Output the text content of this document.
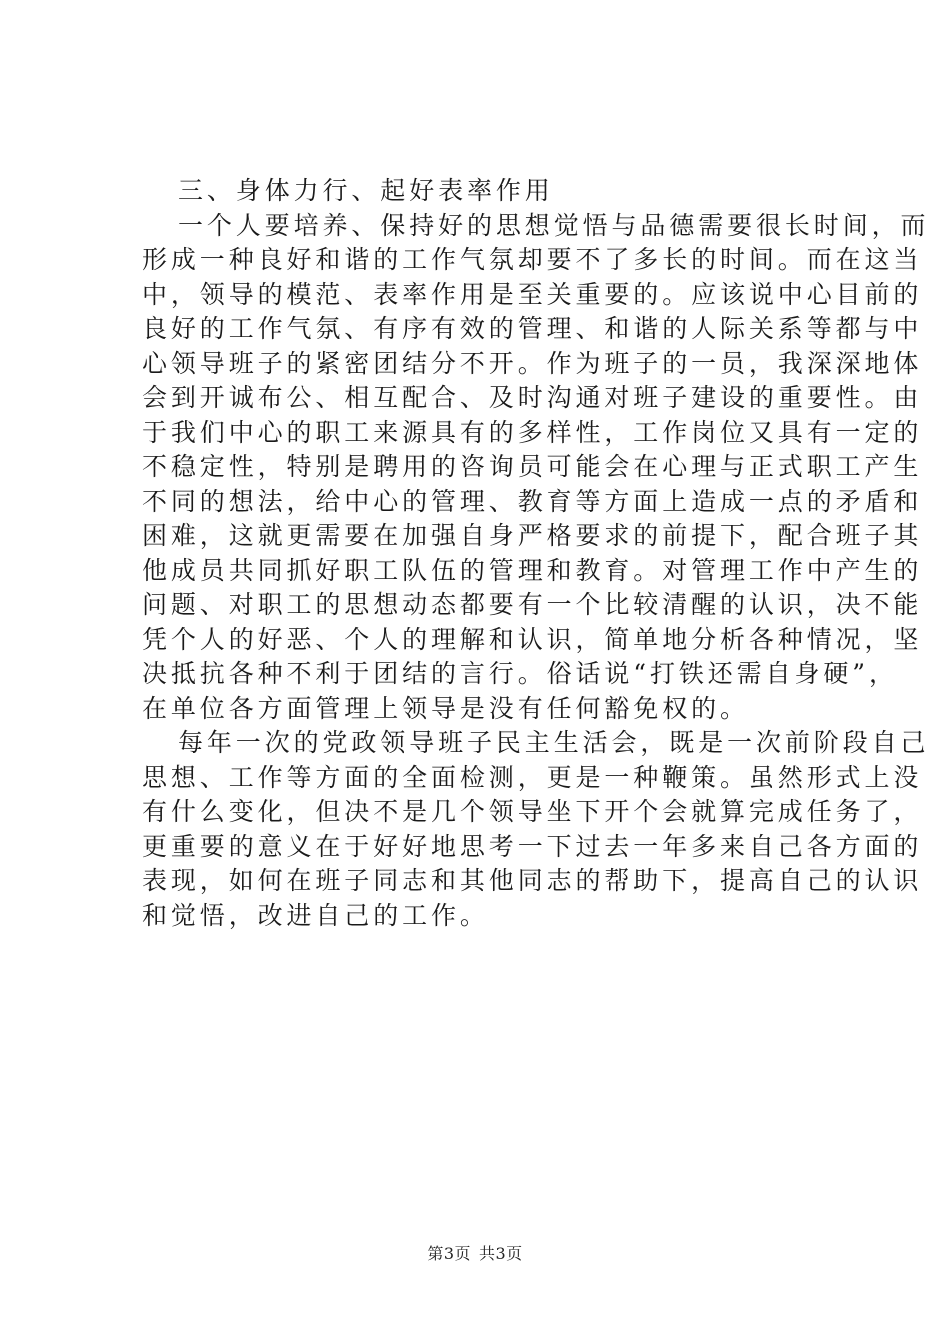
三、身体力行、起好表率作用
一个人要培养、保持好的思想觉悟与品德需要很长时间，而
形成一种良好和谐的工作气氛却要不了多长的时间。而在这当
中，领导的模范、表率作用是至关重要的。应该说中心目前的
良好的工作气氛、有序有效的管理、和谐的人际关系等都与中
心领导班子的紧密团结分不开。作为班子的一员，我深深地体
会到开诚布公、相互配合、及时沟通对班子建设的重要性。由
于我们中心的职工来源具有的多样性，工作岗位又具有一定的
不稳定性，特别是聘用的咨询员可能会在心理与正式职工产生
不同的想法，给中心的管理、教育等方面上造成一点的矛盾和
困难，这就更需要在加强自身严格要求的前提下，配合班子其
他成员共同抓好职工队伍的管理和教育。对管理工作中产生的
问题、对职工的思想动态都要有一个比较清醒的认识，决不能
凭个人的好恶、个人的理解和认识，简单地分析各种情况，坚
决抵抗各种不利于团结的言行。俗话说“打铁还需自身硬”，
在单位各方面管理上领导是没有任何豁免权的。
每年一次的党政领导班子民主生活会，既是一次前阶段自己
思想、工作等方面的全面检测，更是一种鞭策。虽然形式上没
有什么变化，但决不是几个领导坐下开个会就算完成任务了，
更重要的意义在于好好地思考一下过去一年多来自己各方面的
表现，如何在班子同志和其他同志的帮助下，提高自己的认识
和觉悟，改进自己的工作。
第3页 共3页
